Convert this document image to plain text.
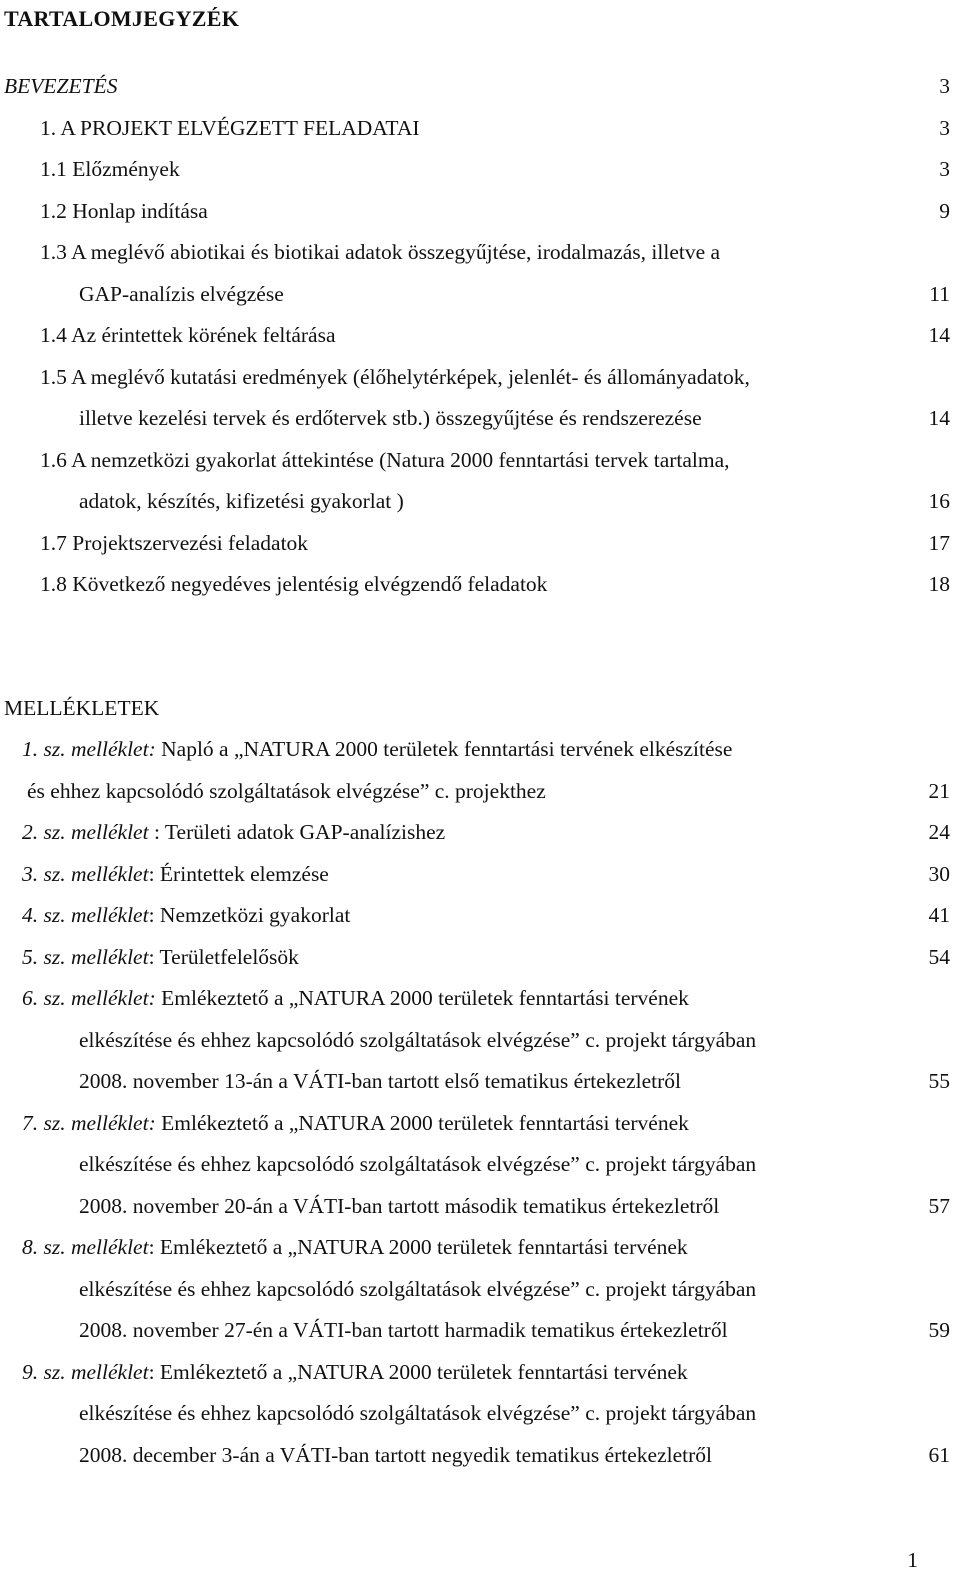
TARTALOMJEGYZÉK
BEVEZETÉS	3
1. A PROJEKT ELVÉGZETT FELADATAI	3
1.1 Előzmények	3
1.2 Honlap indítása	9
1.3 A meglévő abiotikai és biotikai adatok összegyűjtése, irodalmazás, illetve a
GAP-analízis elvégzése	11
1.4 Az érintettek körének feltárása	14
1.5 A meglévő kutatási eredmények (élőhelytérképek, jelenlét- és állományadatok,
illetve kezelési tervek és erdőtervek stb.) összegyűjtése és rendszerezése	14
1.6 A nemzetközi gyakorlat áttekintése (Natura 2000 fenntartási tervek tartalma,
adatok, készítés, kifizetési gyakorlat )	16
1.7 Projektszervezési feladatok	17
1.8 Következő negyedéves jelentésig elvégzendő feladatok	18
MELLÉKLETEK
1. sz. melléklet: Napló a „NATURA 2000 területek fenntartási tervének elkészítése
és ehhez kapcsolódó szolgáltatások elvégzése” c. projekthez	21
2. sz. melléklet : Területi adatok GAP-analízishez	24
3. sz. melléklet: Érintettek elemzése	30
4. sz. melléklet: Nemzetközi gyakorlat	41
5. sz. melléklet: Területfelelősök	54
6. sz. melléklet: Emlékeztető a „NATURA 2000 területek fenntartási tervének
elkészítése és ehhez kapcsolódó szolgáltatások elvégzése” c. projekt tárgyában
2008. november 13-án a VÁTI-ban tartott első tematikus értekezletről	55
7. sz. melléklet: Emlékeztető a „NATURA 2000 területek fenntartási tervének
elkészítése és ehhez kapcsolódó szolgáltatások elvégzése” c. projekt tárgyában
2008. november 20-án a VÁTI-ban tartott második tematikus értekezletről	57
8. sz. melléklet: Emlékeztető a „NATURA 2000 területek fenntartási tervének
elkészítése és ehhez kapcsolódó szolgáltatások elvégzése” c. projekt tárgyában
2008. november 27-én a VÁTI-ban tartott harmadik tematikus értekezletről	59
9. sz. melléklet: Emlékeztető a „NATURA 2000 területek fenntartási tervének
elkészítése és ehhez kapcsolódó szolgáltatások elvégzése” c. projekt tárgyában
2008. december 3-án a VÁTI-ban tartott negyedik tematikus értekezletről	61
1
